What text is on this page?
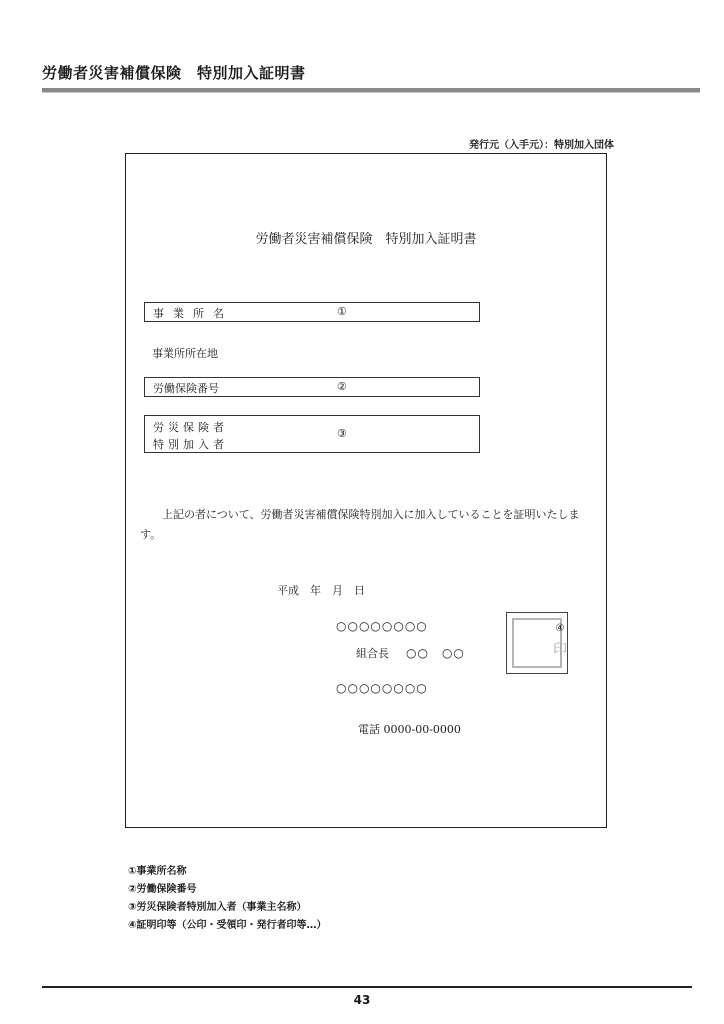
労働者災害補償保険　特別加入証明書
発行元（入手元）：特別加入団体
労働者災害補償保険　特別加入証明書
事業所名	①
事業所所在地
労働保険番号	②
労災保険者
特別加入者
③
上記の者について、労働者災害補償保険特別加入に加入していることを証明いたします。
平成　年　月　日
○○○○○○○○
組合長 ○○　○○
○○○○○○○○
電話 0000-00-0000
④
印
①事業所名称
②労働保険番号
③労災保険者特別加入者（事業主名称）
④証明印等（公印・受領印・発行者印等…）
43
